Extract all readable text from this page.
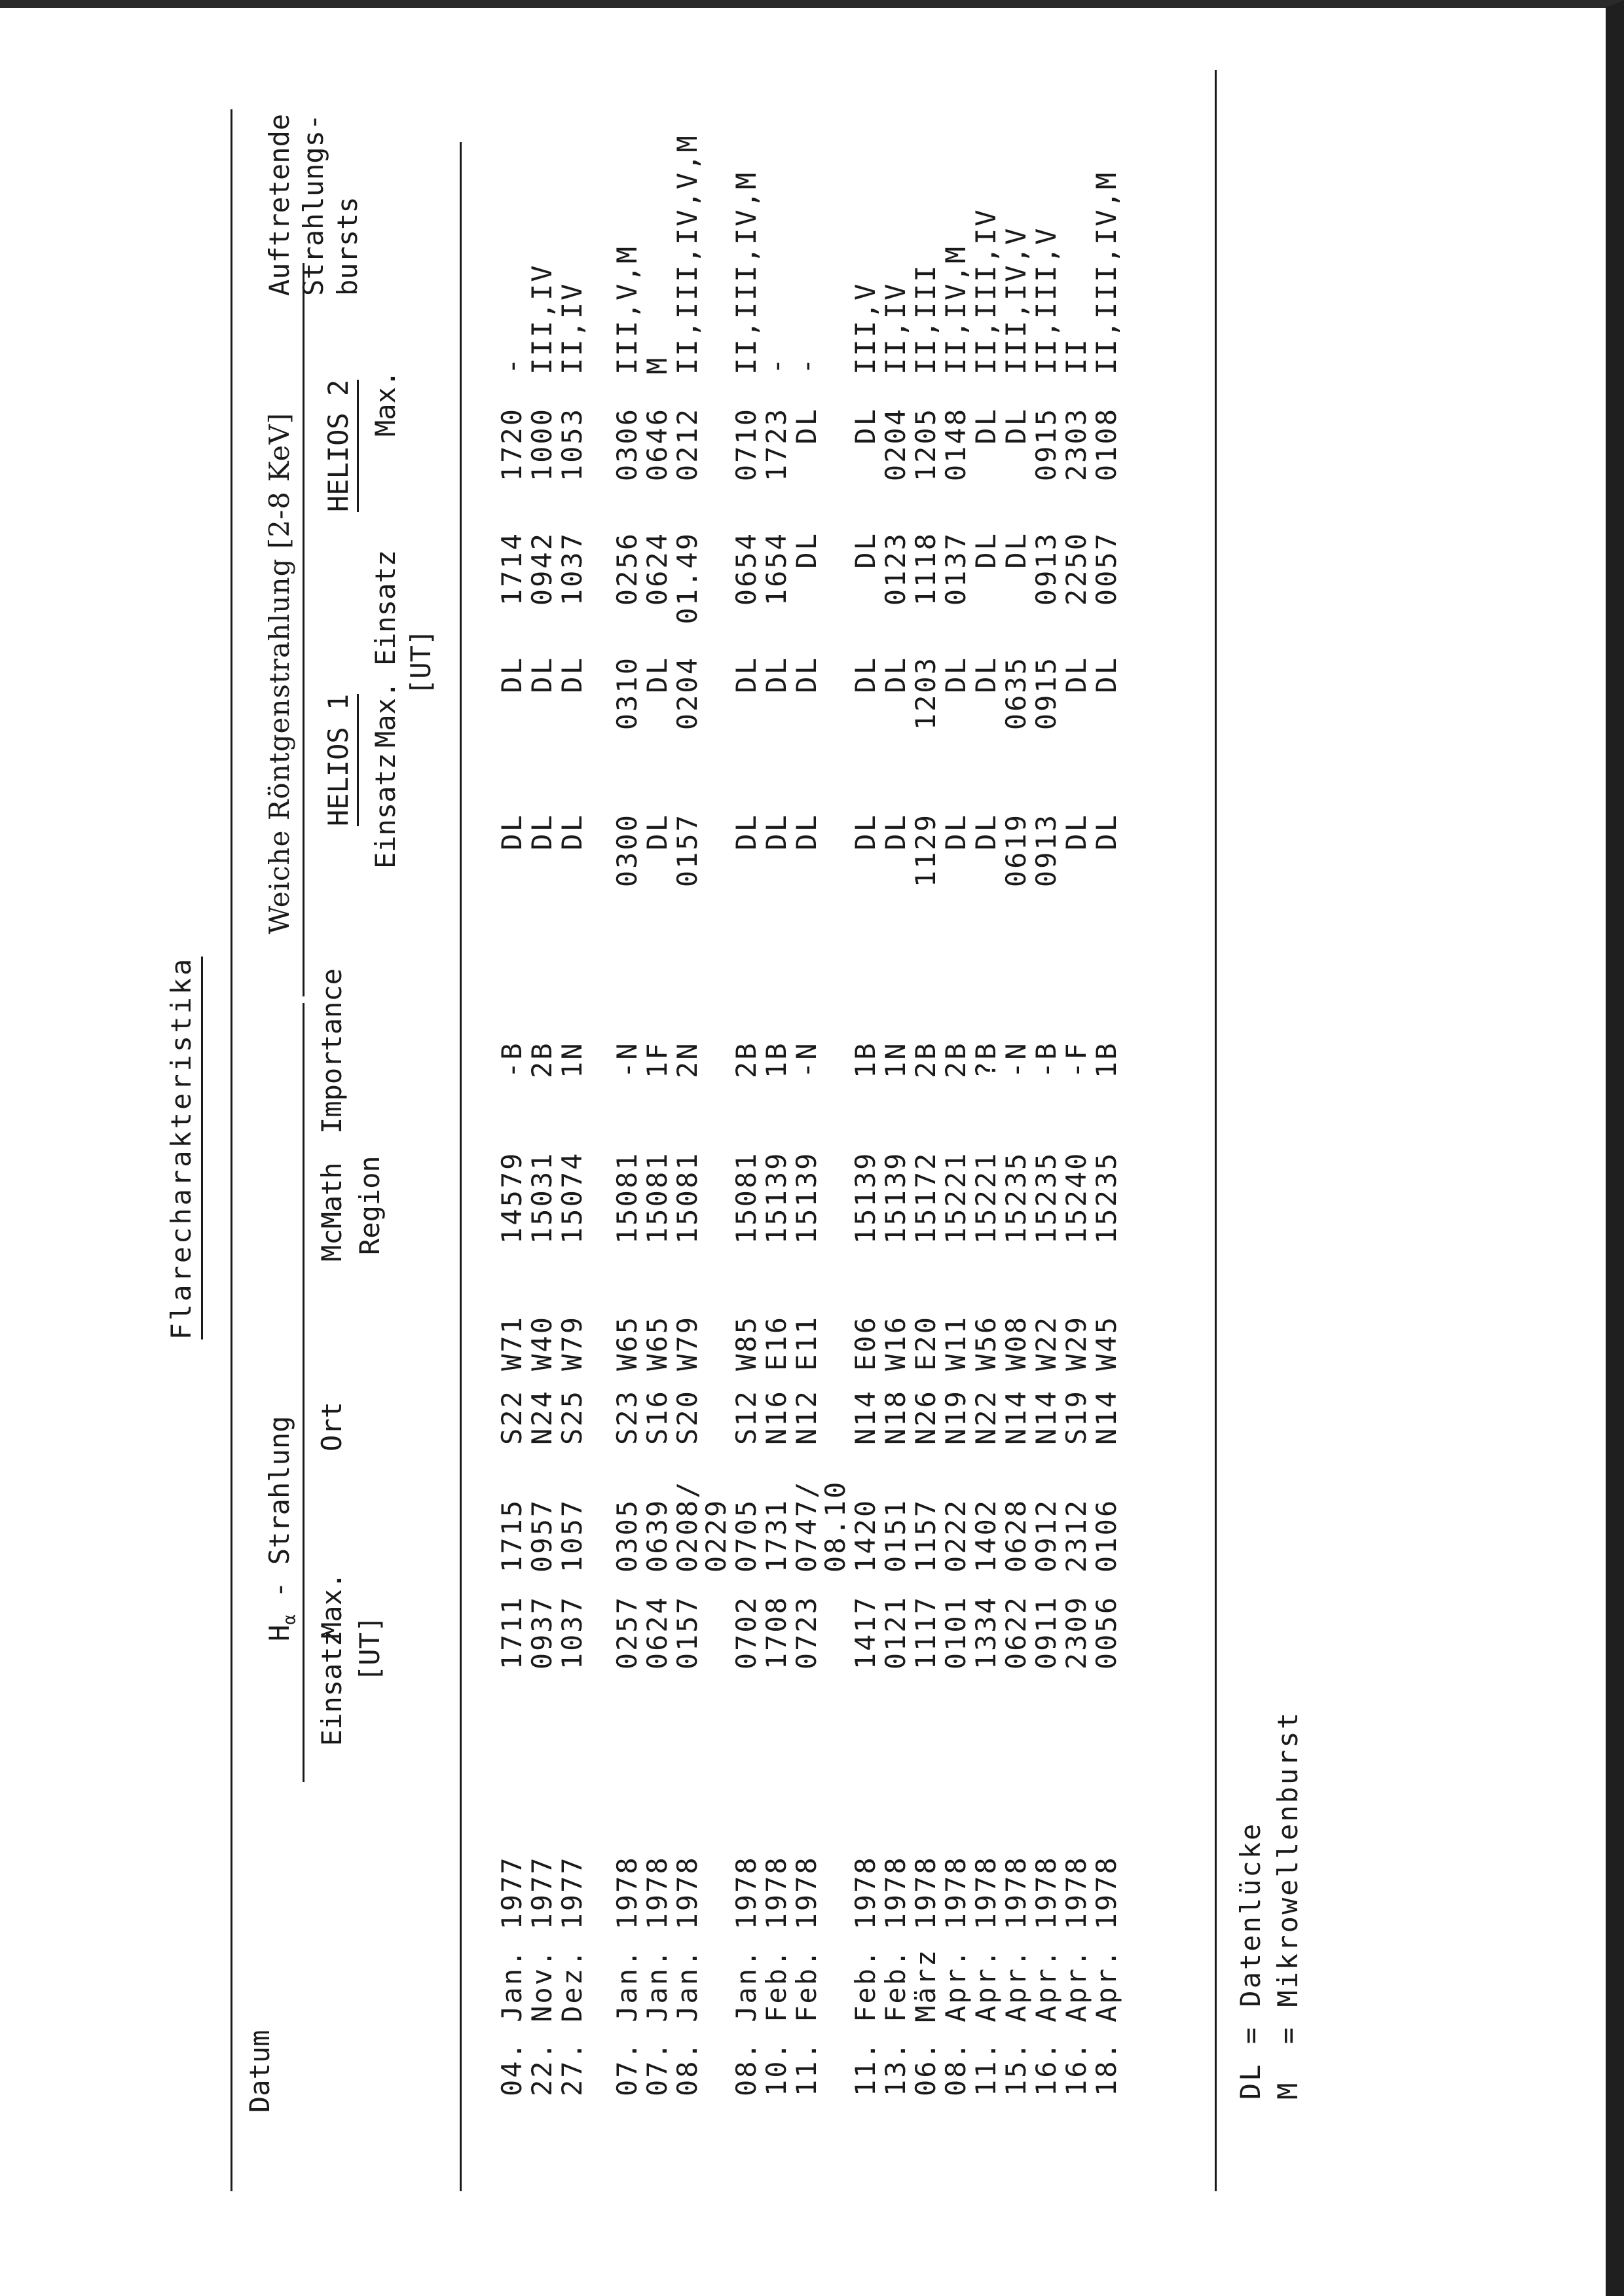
Flarecharakteristika
Datum
$H_\alpha$ - Strahlung
Einsatz
Max.
[UT]
Ort
McMath Region
Importance
Weiche Röntgenstrahlung [2-8 KeV] HELIOS 1
HELIOS 2
Einsatz
Max.
Einsatz
Max.
[UT]
Auftretende Strahlungs- bursts
04. Jan. 1977
1711
1715
S22 W71
14579
-B
DL
DL
1714
1720
-
22. Nov. 1977
0937
0957
N24 W40
15031
2B
DL
DL
0942
1000
III,IV
27. Dez. 1977
1037
1057
S25 W79
15074
1N
DL
DL
1037
1053
II,IV
07. Jan. 1978
0257
0305
S23 W65
15081
-N
0300
0310
0256
0306
III,V,M
07. Jan. 1978
0624
0639
S16 W65
15081
1F
DL
DL
0624
0646
M
08. Jan. 1978
0157
0208/
S20 W79
15081
2N
0157
0204
01.49
0212
II,III,IV,V,M
0229
08. Jan. 1978
0702
0705
S12 W85
15081
2B
DL
DL
0654
0710
II,III,IV,M
10. Feb. 1978
1708
1731
N16 E16
15139
1B
DL
DL
1654
1723
-
11. Feb. 1978
0723
0747/
N12 E11
15139
-N
DL
DL
DL
DL
-
08.10
11. Feb. 1978
1417
1420
N14 E06
15139
1B
DL
DL
DL
DL
III,V
13. Feb. 1978
0121
0151
N18 W16
15139
1N
DL
DL
0123
0204
II,IV
06. März 1978
1117
1157
N26 E20
15172
2B
1129
1203
1118
1205
II,III
08. Apr. 1978
0101
0222
N19 W11
15221
2B
DL
DL
0137
0148
II,IV,M
11. Apr. 1978
1334
1402
N22 W56
15221
?B
DL
DL
DL
DL
II,III,IV
15. Apr. 1978
0622
0628
N14 W08
15235
-N
0619
0635
DL
DL
III,IV,V
16. Apr. 1978
0911
0912
N14 W22
15235
-B
0913
0915
0913
0915
II,III,V
16. Apr. 1978
2309
2312
S19 W29
15240
-F
DL
DL
2250
2303
II
18. Apr. 1978
0056
0106
N14 W45
15235
1B
DL
DL
0057
0108
II,III,IV,M
DL = Datenlücke M  = Mikrowellenburst
